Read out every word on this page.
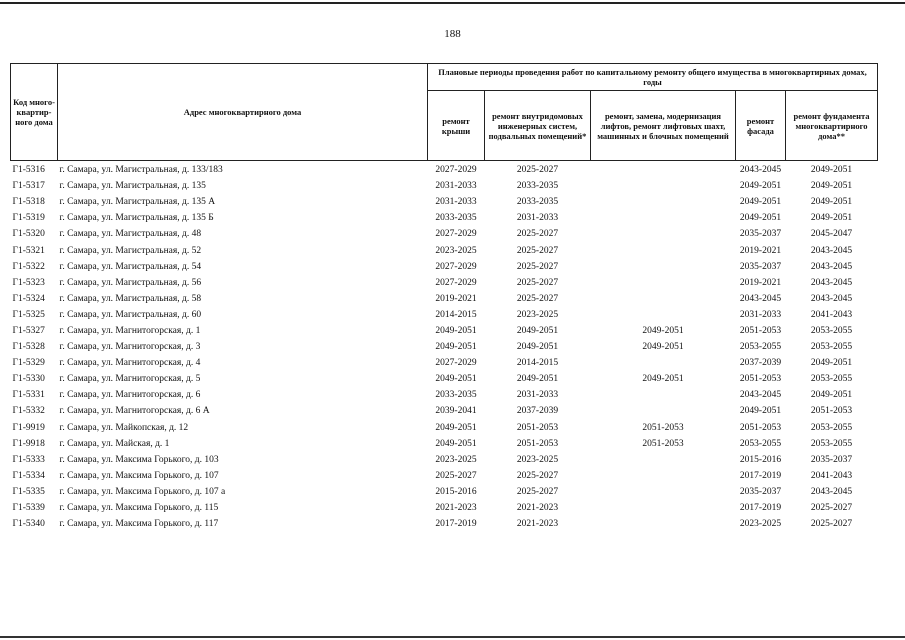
188
Код много-квартир-ного дома	Адрес многоквартирного дома	Плановые периоды проведения работ по капитальному ремонту общего имущества в многоквартирных домах, годы				
		ремонт крыши	ремонт внутридомовых инженерных систем, подвальных помещений*	ремонт, замена, модернизация лифтов, ремонт лифтовых шахт, машинных и блочных помещений	ремонт фасада	ремонт фундамента многоквартирного дома**
Г1-5316	г. Самара, ул. Магистральная, д. 133/183	2027-2029	2025-2027		2043-2045	2049-2051
Г1-5317	г. Самара, ул. Магистральная, д. 135	2031-2033	2033-2035		2049-2051	2049-2051
Г1-5318	г. Самара, ул. Магистральная, д. 135 А	2031-2033	2033-2035		2049-2051	2049-2051
Г1-5319	г. Самара, ул. Магистральная, д. 135 Б	2033-2035	2031-2033		2049-2051	2049-2051
Г1-5320	г. Самара, ул. Магистральная, д. 48	2027-2029	2025-2027		2035-2037	2045-2047
Г1-5321	г. Самара, ул. Магистральная, д. 52	2023-2025	2025-2027		2019-2021	2043-2045
Г1-5322	г. Самара, ул. Магистральная, д. 54	2027-2029	2025-2027		2035-2037	2043-2045
Г1-5323	г. Самара, ул. Магистральная, д. 56	2027-2029	2025-2027		2019-2021	2043-2045
Г1-5324	г. Самара, ул. Магистральная, д. 58	2019-2021	2025-2027		2043-2045	2043-2045
Г1-5325	г. Самара, ул. Магистральная, д. 60	2014-2015	2023-2025		2031-2033	2041-2043
Г1-5327	г. Самара, ул. Магнитогорская, д. 1	2049-2051	2049-2051	2049-2051	2051-2053	2053-2055
Г1-5328	г. Самара, ул. Магнитогорская, д. 3	2049-2051	2049-2051	2049-2051	2053-2055	2053-2055
Г1-5329	г. Самара, ул. Магнитогорская, д. 4	2027-2029	2014-2015		2037-2039	2049-2051
Г1-5330	г. Самара, ул. Магнитогорская, д. 5	2049-2051	2049-2051	2049-2051	2051-2053	2053-2055
Г1-5331	г. Самара, ул. Магнитогорская, д. 6	2033-2035	2031-2033		2043-2045	2049-2051
Г1-5332	г. Самара, ул. Магнитогорская, д. 6 А	2039-2041	2037-2039		2049-2051	2051-2053
Г1-9919	г. Самара, ул. Майкопская, д. 12	2049-2051	2051-2053	2051-2053	2051-2053	2053-2055
Г1-9918	г. Самара, ул. Майская, д. 1	2049-2051	2051-2053	2051-2053	2053-2055	2053-2055
Г1-5333	г. Самара, ул. Максима Горького, д. 103	2023-2025	2023-2025		2015-2016	2035-2037
Г1-5334	г. Самара, ул. Максима Горького, д. 107	2025-2027	2025-2027		2017-2019	2041-2043
Г1-5335	г. Самара, ул. Максима Горького, д. 107 а	2015-2016	2025-2027		2035-2037	2043-2045
Г1-5339	г. Самара, ул. Максима Горького, д. 115	2021-2023	2021-2023		2017-2019	2025-2027
Г1-5340	г. Самара, ул. Максима Горького, д. 117	2017-2019	2021-2023		2023-2025	2025-2027
